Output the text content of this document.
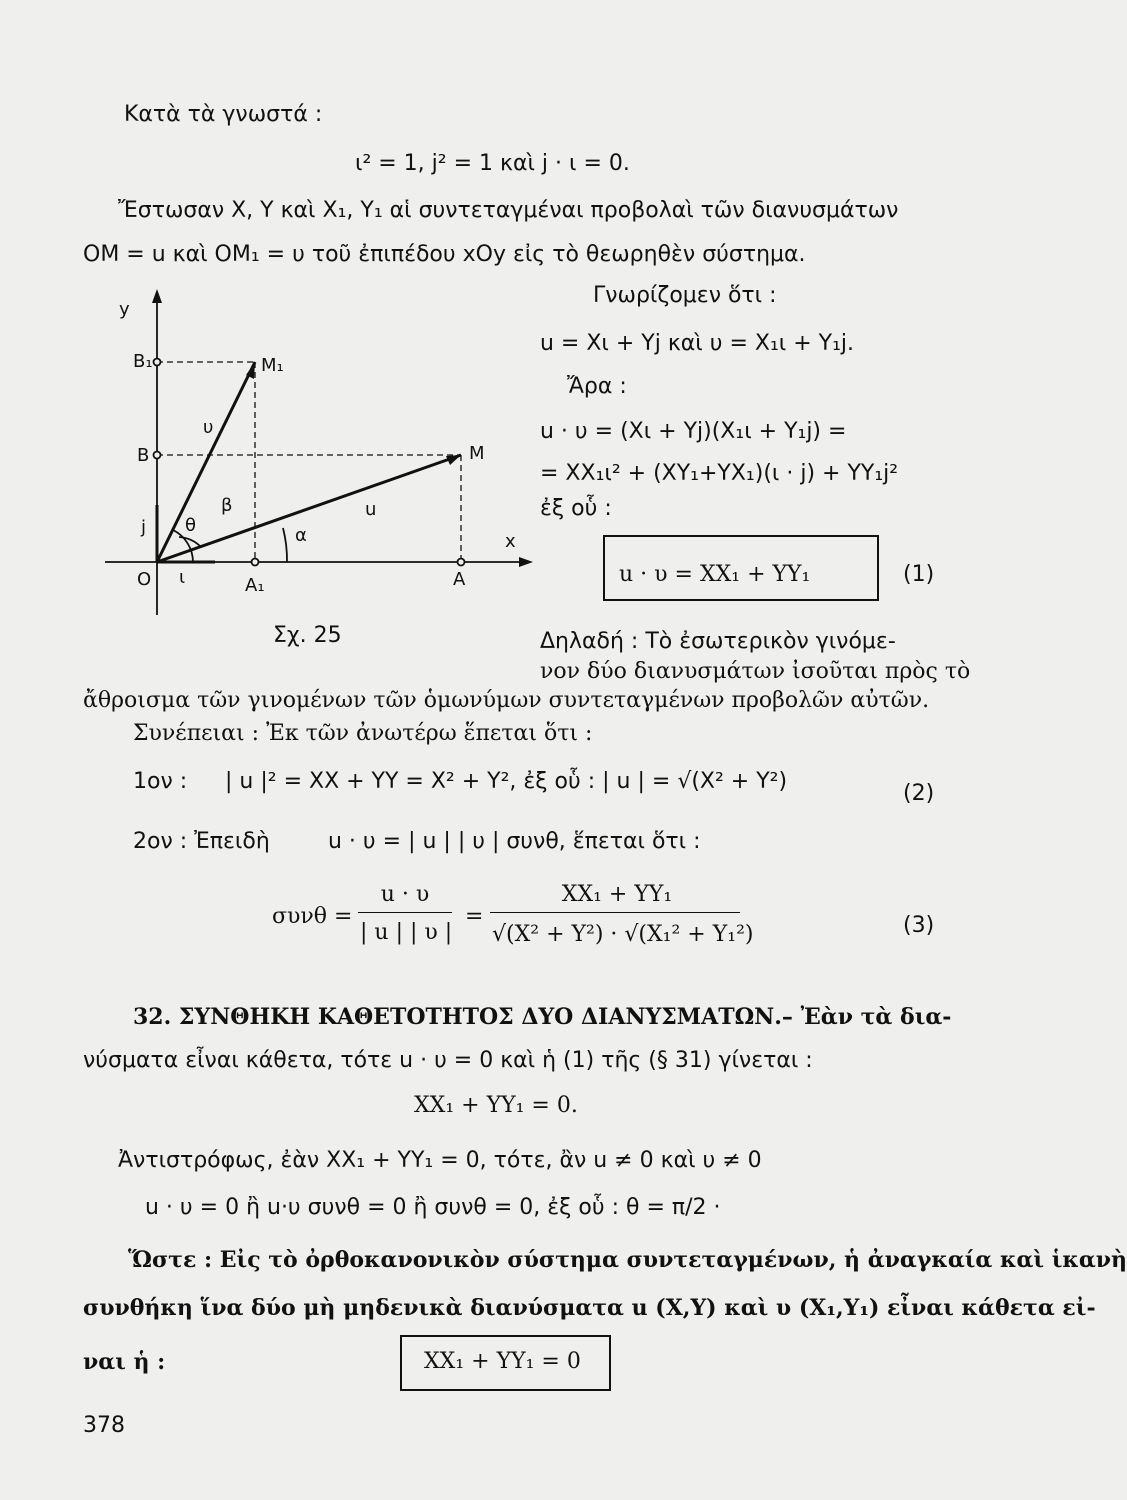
Κατὰ τὰ γνωστά :
ι² = 1, j² = 1 καὶ j · ι = 0.
Ἔστωσαν Χ, Υ καὶ Χ₁, Υ₁ αἱ συντεταγμέναι προβολαὶ τῶν διανυσμάτων
ΟΜ = u καὶ ΟΜ₁ = υ τοῦ ἐπιπέδου xOy εἰς τὸ θεωρηθὲν σύστημα.
Γνωρίζομεν ὅτι :
u = Χι + Υj καὶ υ = Χ₁ι + Υ₁j.
Ἄρα :
u · υ = (Χι + Υj)(Χ₁ι + Υ₁j) =
= ΧΧ₁ι² + (ΧΥ₁+ΥΧ₁)(ι · j) + ΥΥ₁j²
ἐξ οὗ :
u · υ = ΧΧ₁ + ΥΥ₁	(1)
y
x
O
B₁	M₁
B	M
A₁	A
υ
u
ι
j θ
β
α
Σχ. 25	Δηλαδή : Τὸ ἐσωτερικὸν γινόμε-
νον δύο διανυσμάτων ἰσοῦται πρὸς τὸ
ἄθροισμα τῶν γινομένων τῶν ὁμωνύμων συντεταγμένων προβολῶν αὐτῶν.
Συνέπειαι : Ἐκ τῶν ἀνωτέρω ἕπεται ὅτι :
1ον : | u |² = ΧΧ + ΥΥ = Χ² + Υ², ἐξ οὗ : | u | = √(Χ² + Υ²)	(2)
2ον : Ἐπειδὴ	u · υ = | u | | υ | συνθ, ἕπεται ὅτι :
συνθ =
u · υ
| u | | υ |
=
ΧΧ₁ + ΥΥ₁
√(Χ² + Υ²) · √(Χ₁² + Υ₁²)	(3)
32. ΣΥΝΘΗΚΗ ΚΑΘΕΤΟΤΗΤΟΣ ΔΥΟ ΔΙΑΝΥΣΜΑΤΩΝ.– Ἐὰν τὰ δια-
νύσματα εἶναι κάθετα, τότε u · υ = 0 καὶ ἡ (1) τῆς (§ 31) γίνεται :
ΧΧ₁ + ΥΥ₁ = 0.
Ἀντιστρόφως, ἐὰν ΧΧ₁ + ΥΥ₁ = 0, τότε, ἂν u ≠ 0 καὶ υ ≠ 0
u · υ = 0 ἢ u·υ συνθ = 0 ἢ συνθ = 0, ἐξ οὗ : θ = π/2 ·
Ὥστε : Εἰς τὸ ὀρθοκανονικὸν σύστημα συντεταγμένων, ἡ ἀναγκαία καὶ ἱκανὴ
συνθήκη ἵνα δύο μὴ μηδενικὰ διανύσματα u (Χ,Υ) καὶ υ (Χ₁,Υ₁) εἶναι κάθετα εἰ-
ναι ἡ :	ΧΧ₁ + ΥΥ₁ = 0
378
